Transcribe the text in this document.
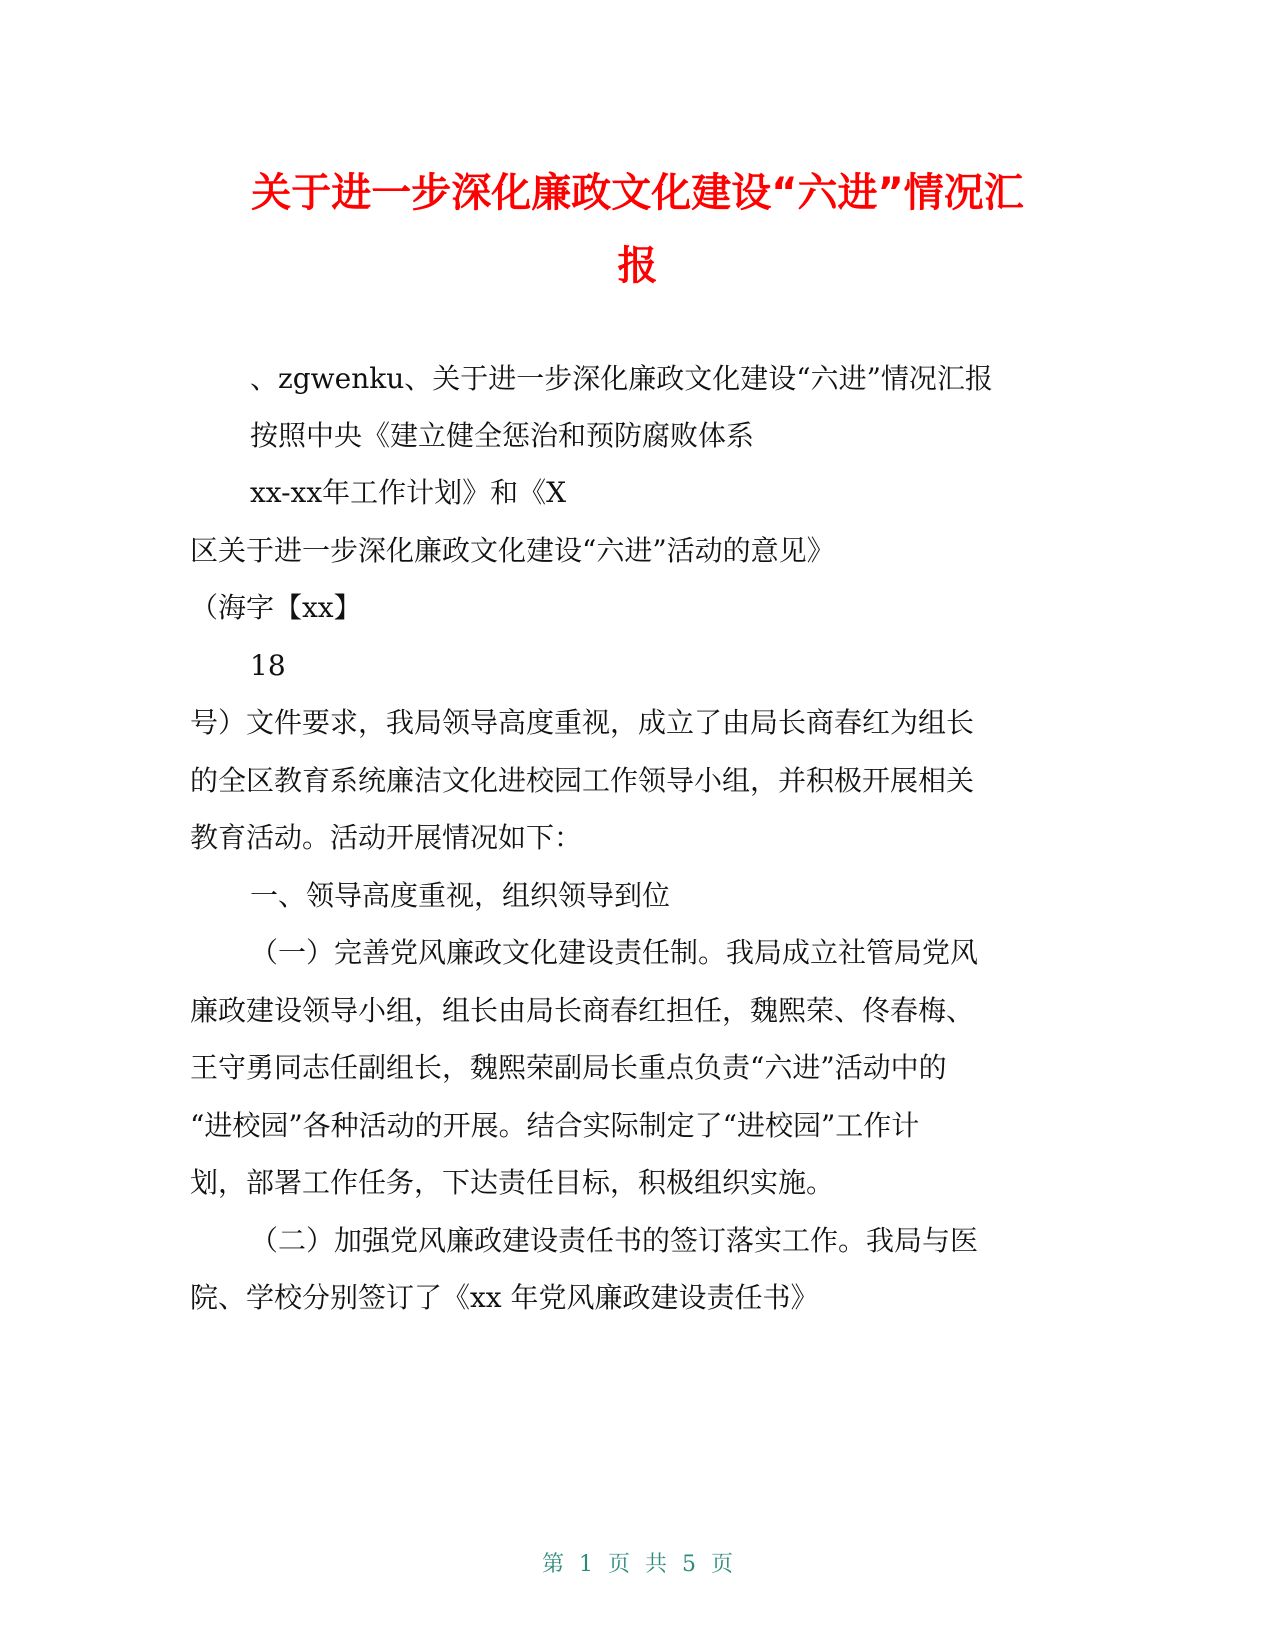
关于进一步深化廉政文化建设“六进”情况汇
报

、zgwenku、关于进一步深化廉政文化建设“六进”情况汇报

按照中央《建立健全惩治和预防腐败体系

xx-xx年工作计划》和《X

区关于进一步深化廉政文化建设“六进”活动的意见》

（海字【xx】

18

号）文件要求，我局领导高度重视，成立了由局长商春红为组长

的全区教育系统廉洁文化进校园工作领导小组，并积极开展相关

教育活动。活动开展情况如下：

一、领导高度重视，组织领导到位

（一）完善党风廉政文化建设责任制。我局成立社管局党风

廉政建设领导小组，组长由局长商春红担任，魏熙荣、佟春梅、

王守勇同志任副组长，魏熙荣副局长重点负责“六进”活动中的

“进校园”各种活动的开展。结合实际制定了“进校园”工作计

划，部署工作任务，下达责任目标，积极组织实施。

（二）加强党风廉政建设责任书的签订落实工作。我局与医

院、学校分别签订了《xx 年党风廉政建设责任书》

第 1 页 共 5 页
